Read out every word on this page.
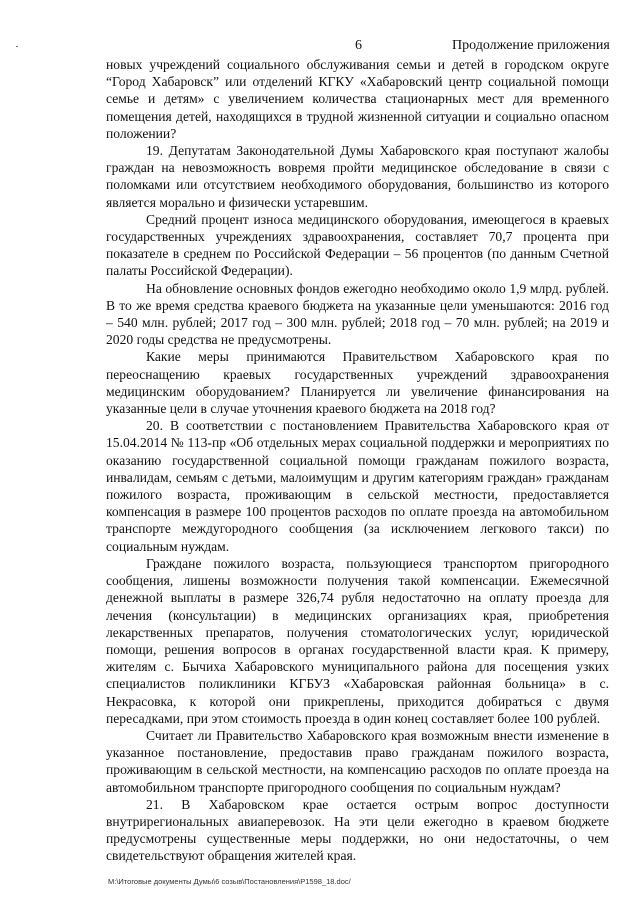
6	Продолжение приложения

новых учреждений социального обслуживания семьи и детей в городском округе “Город Хабаровск” или отделений КГКУ «Хабаровский центр социальной помощи семье и детям» с увеличением количества стационарных мест для временного помещения детей, находящихся в трудной жизненной ситуации и социально опасном положении?

19. Депутатам Законодательной Думы Хабаровского края поступают жалобы граждан на невозможность вовремя пройти медицинское обследование в связи с поломками или отсутствием необходимого оборудования, большинство из которого является морально и физически устаревшим.

Средний процент износа медицинского оборудования, имеющегося в краевых государственных учреждениях здравоохранения, составляет 70,7 процента при показателе в среднем по Российской Федерации – 56 процентов (по данным Счетной палаты Российской Федерации).

На обновление основных фондов ежегодно необходимо около 1,9 млрд. рублей. В то же время средства краевого бюджета на указанные цели уменьшаются: 2016 год – 540 млн. рублей; 2017 год – 300 млн. рублей; 2018 год – 70 млн. рублей; на 2019 и 2020 годы средства не предусмотрены.

Какие меры принимаются Правительством Хабаровского края по переоснащению краевых государственных учреждений здравоохранения медицинским оборудованием? Планируется ли увеличение финансирования на указанные цели в случае уточнения краевого бюджета на 2018 год?

20. В соответствии с постановлением Правительства Хабаровского края от 15.04.2014 № 113-пр «Об отдельных мерах социальной поддержки и мероприятиях по оказанию государственной социальной помощи гражданам пожилого возраста, инвалидам, семьям с детьми, малоимущим и другим категориям граждан» гражданам пожилого возраста, проживающим в сельской местности, предоставляется компенсация в размере 100 процентов расходов по оплате проезда на автомобильном транспорте междугородного сообщения (за исключением легкового такси) по социальным нуждам.

Граждане пожилого возраста, пользующиеся транспортом пригородного сообщения, лишены возможности получения такой компенсации. Ежемесячной денежной выплаты в размере 326,74 рубля недостаточно на оплату проезда для лечения (консультации) в медицинских организациях края, приобретения лекарственных препаратов, получения стоматологических услуг, юридической помощи, решения вопросов в органах государственной власти края. К примеру, жителям с. Бычиха Хабаровского муниципального района для посещения узких специалистов поликлиники КГБУЗ «Хабаровская районная больница» в с. Некрасовка, к которой они прикреплены, приходится добираться с двумя пересадками, при этом стоимость проезда в один конец составляет более 100 рублей.

Считает ли Правительство Хабаровского края возможным внести изменение в указанное постановление, предоставив право гражданам пожилого возраста, проживающим в сельской местности, на компенсацию расходов по оплате проезда на автомобильном транспорте пригородного сообщения по социальным нуждам?

21. В Хабаровском крае остается острым вопрос доступности внутрирегиональных авиаперевозок. На эти цели ежегодно в краевом бюджете предусмотрены существенные меры поддержки, но они недостаточны, о чем свидетельствуют обращения жителей края.

M:\Итоговые документы Думы\6 созыв\Постановления\P1598_18.doc/
